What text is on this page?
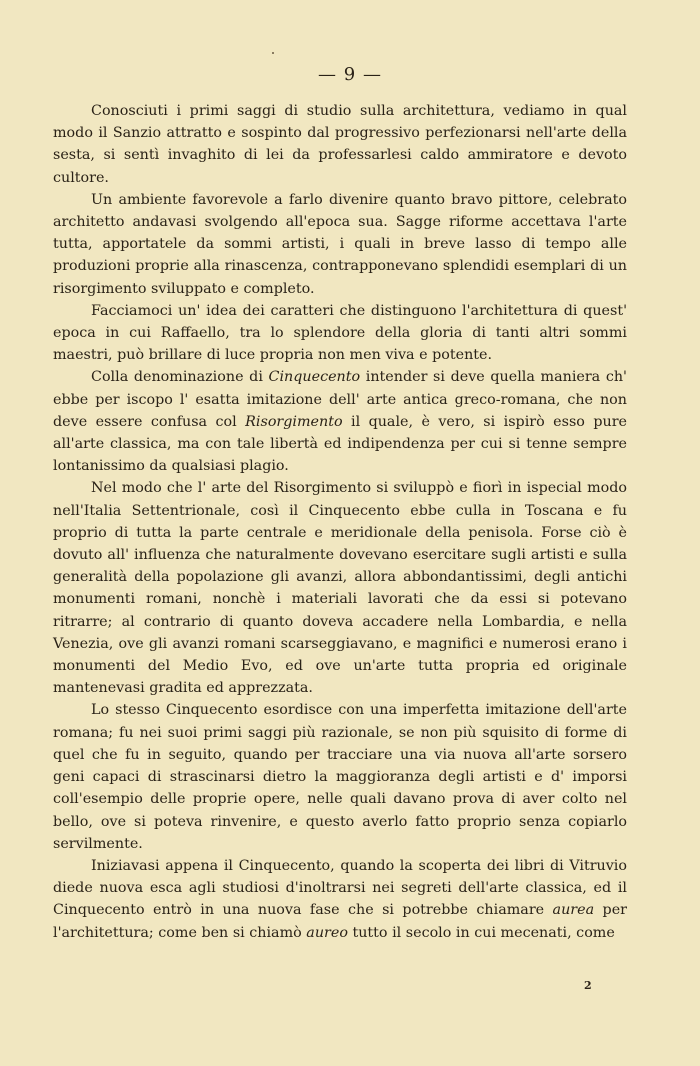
— 9 —

Conosciuti i primi saggi di studio sulla architettura, vediamo in qual modo il Sanzio attratto e sospinto dal progressivo perfezionarsi nell'arte della sesta, si sentì invaghito di lei da professarlesi caldo ammiratore e devoto cultore.

Un ambiente favorevole a farlo divenire quanto bravo pittore, celebrato architetto andavasi svolgendo all'epoca sua. Sagge riforme accettava l'arte tutta, apportatele da sommi artisti, i quali in breve lasso di tempo alle produzioni proprie alla rinascenza, contrapponevano splendidi esemplari di un risorgimento sviluppato e completo.

Facciamoci un' idea dei caratteri che distinguono l'architettura di quest' epoca in cui Raffaello, tra lo splendore della gloria di tanti altri sommi maestri, può brillare di luce propria non men viva e potente.

Colla denominazione di Cinquecento intender si deve quella maniera ch' ebbe per iscopo l' esatta imitazione dell' arte antica greco-romana, che non deve essere confusa col Risorgimento il quale, è vero, si ispirò esso pure all'arte classica, ma con tale libertà ed indipendenza per cui si tenne sempre lontanissimo da qualsiasi plagio.

Nel modo che l' arte del Risorgimento si sviluppò e fiorì in ispecial modo nell'Italia Settentrionale, così il Cinquecento ebbe culla in Toscana e fu proprio di tutta la parte centrale e meridionale della penisola. Forse ciò è dovuto all' influenza che naturalmente dovevano esercitare sugli artisti e sulla generalità della popolazione gli avanzi, allora abbondantissimi, degli antichi monumenti romani, nonchè i materiali lavorati che da essi si potevano ritrarre; al contrario di quanto doveva accadere nella Lombardia, e nella Venezia, ove gli avanzi romani scarseggiavano, e magnifici e numerosi erano i monumenti del Medio Evo, ed ove un'arte tutta propria ed originale mantenevasi gradita ed apprezzata.

Lo stesso Cinquecento esordisce con una imperfetta imitazione dell'arte romana; fu nei suoi primi saggi più razionale, se non più squisito di forme di quel che fu in seguito, quando per tracciare una via nuova all'arte sorsero geni capaci di strascinarsi dietro la maggioranza degli artisti e d' imporsi coll'esempio delle proprie opere, nelle quali davano prova di aver colto nel bello, ove si poteva rinvenire, e questo averlo fatto proprio senza copiarlo servilmente.

Iniziavasi appena il Cinquecento, quando la scoperta dei libri di Vitruvio diede nuova esca agli studiosi d'inoltrarsi nei segreti dell'arte classica, ed il Cinquecento entrò in una nuova fase che si potrebbe chiamare aurea per l'architettura; come ben si chiamò aureo tutto il secolo in cui mecenati, come

2
